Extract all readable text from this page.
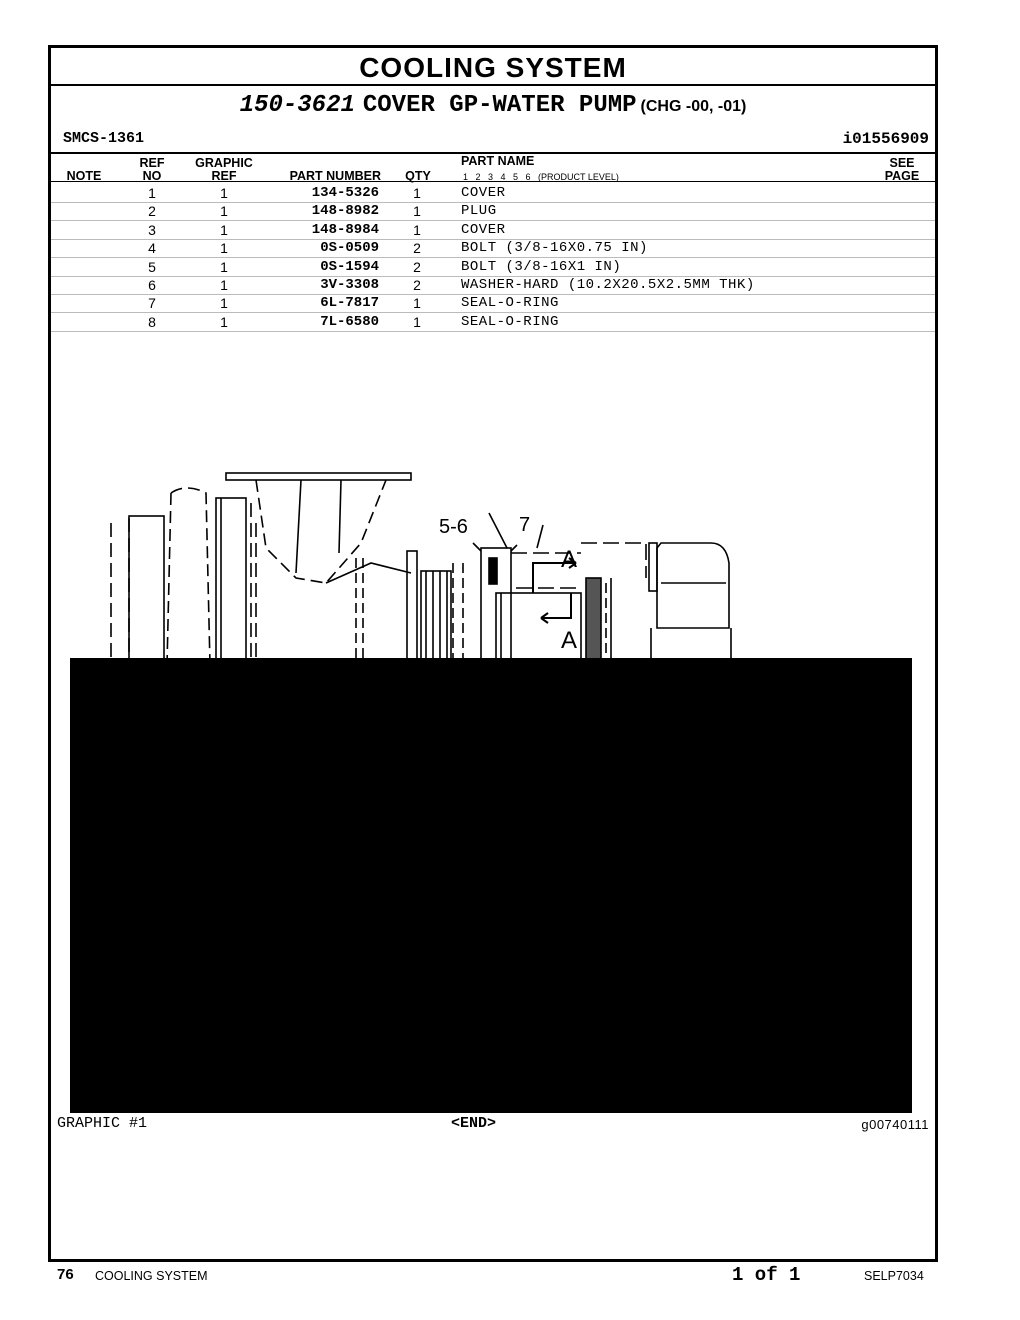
COOLING SYSTEM
150-3621 COVER GP-WATER PUMP (CHG -00, -01)
SMCS-1361	i01556909
NOTE
REF
NO
GRAPHIC
REF	PART NUMBER	QTY
PART NAME
1   2   3   4   5   6   (PRODUCT LEVEL)
SEE
PAGE
1	1	134-5326	1	COVER
2	1	148-8982	1	PLUG
3	1	148-8984	1	COVER
4	1	0S-0509	2	BOLT (3/8-16X0.75 IN)
5	1	0S-1594	2	BOLT (3/8-16X1 IN)
6	1	3V-3308	2	WASHER-HARD (10.2X20.5X2.5MM THK)
7	1	6L-7817	1	SEAL-O-RING
8	1	7L-6580	1	SEAL-O-RING
5-6	7
A
A
GRAPHIC #1	<END>	g00740111
76 COOLING SYSTEM	1 of 1	SELP7034
